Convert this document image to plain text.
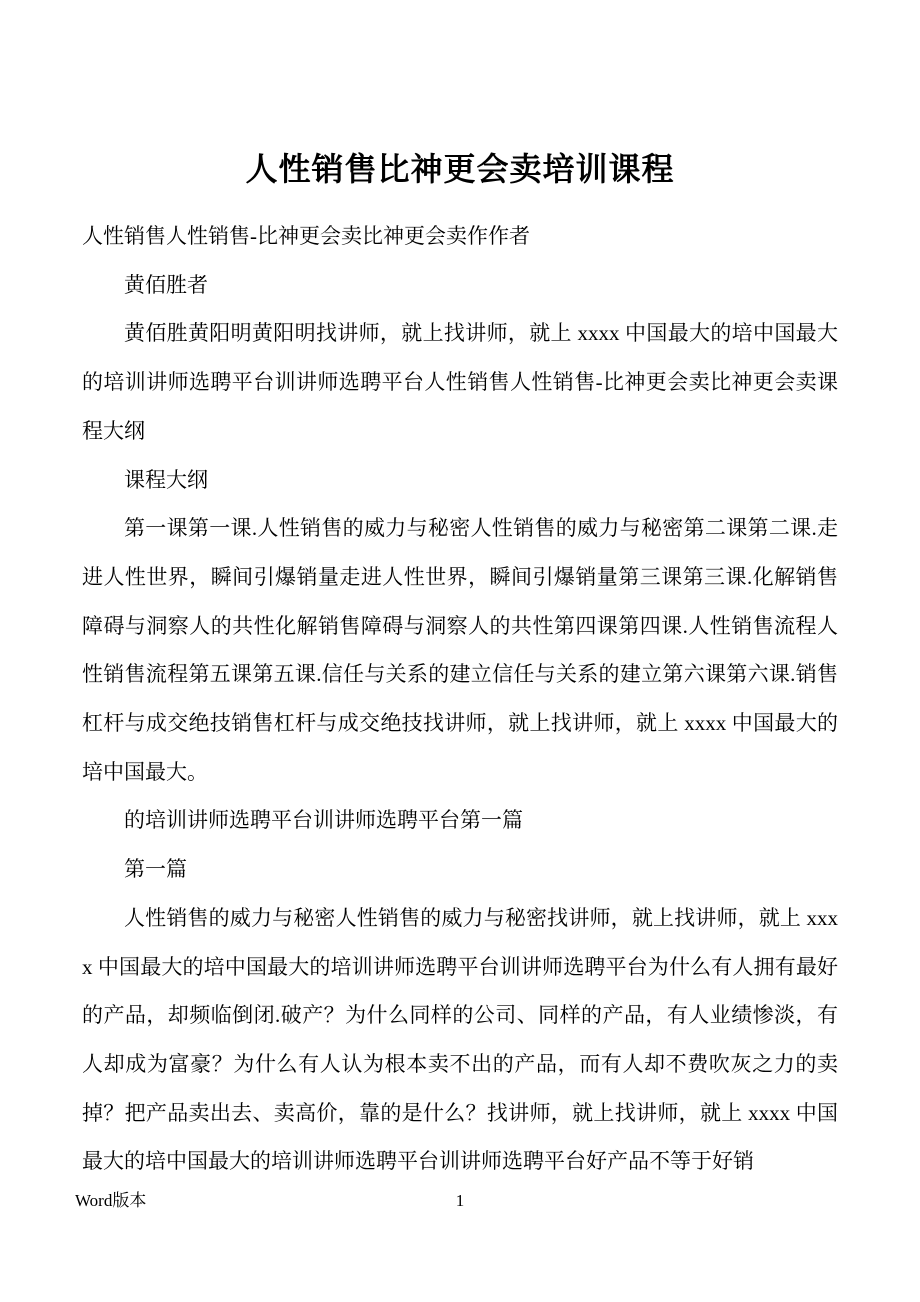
人性销售比神更会卖培训课程

人性销售人性销售-比神更会卖比神更会卖作作者

黄佰胜者

黄佰胜黄阳明黄阳明找讲师，就上找讲师，就上 xxxx 中国最大的培中国最大的培训讲师选聘平台训讲师选聘平台人性销售人性销售-比神更会卖比神更会卖课程大纲

课程大纲

第一课第一课.人性销售的威力与秘密人性销售的威力与秘密第二课第二课.走进人性世界，瞬间引爆销量走进人性世界，瞬间引爆销量第三课第三课.化解销售障碍与洞察人的共性化解销售障碍与洞察人的共性第四课第四课.人性销售流程人性销售流程第五课第五课.信任与关系的建立信任与关系的建立第六课第六课.销售杠杆与成交绝技销售杠杆与成交绝技找讲师，就上找讲师，就上 xxxx 中国最大的培中国最大。

的培训讲师选聘平台训讲师选聘平台第一篇

第一篇

人性销售的威力与秘密人性销售的威力与秘密找讲师，就上找讲师，就上 xxxx 中国最大的培中国最大的培训讲师选聘平台训讲师选聘平台为什么有人拥有最好的产品，却频临倒闭.破产？为什么同样的公司、同样的产品，有人业绩惨淡，有人却成为富豪？为什么有人认为根本卖不出的产品，而有人却不费吹灰之力的卖掉？把产品卖出去、卖高价，靠的是什么？找讲师，就上找讲师，就上 xxxx 中国最大的培中国最大的培训讲师选聘平台训讲师选聘平台好产品不等于好销

Word版本	1
